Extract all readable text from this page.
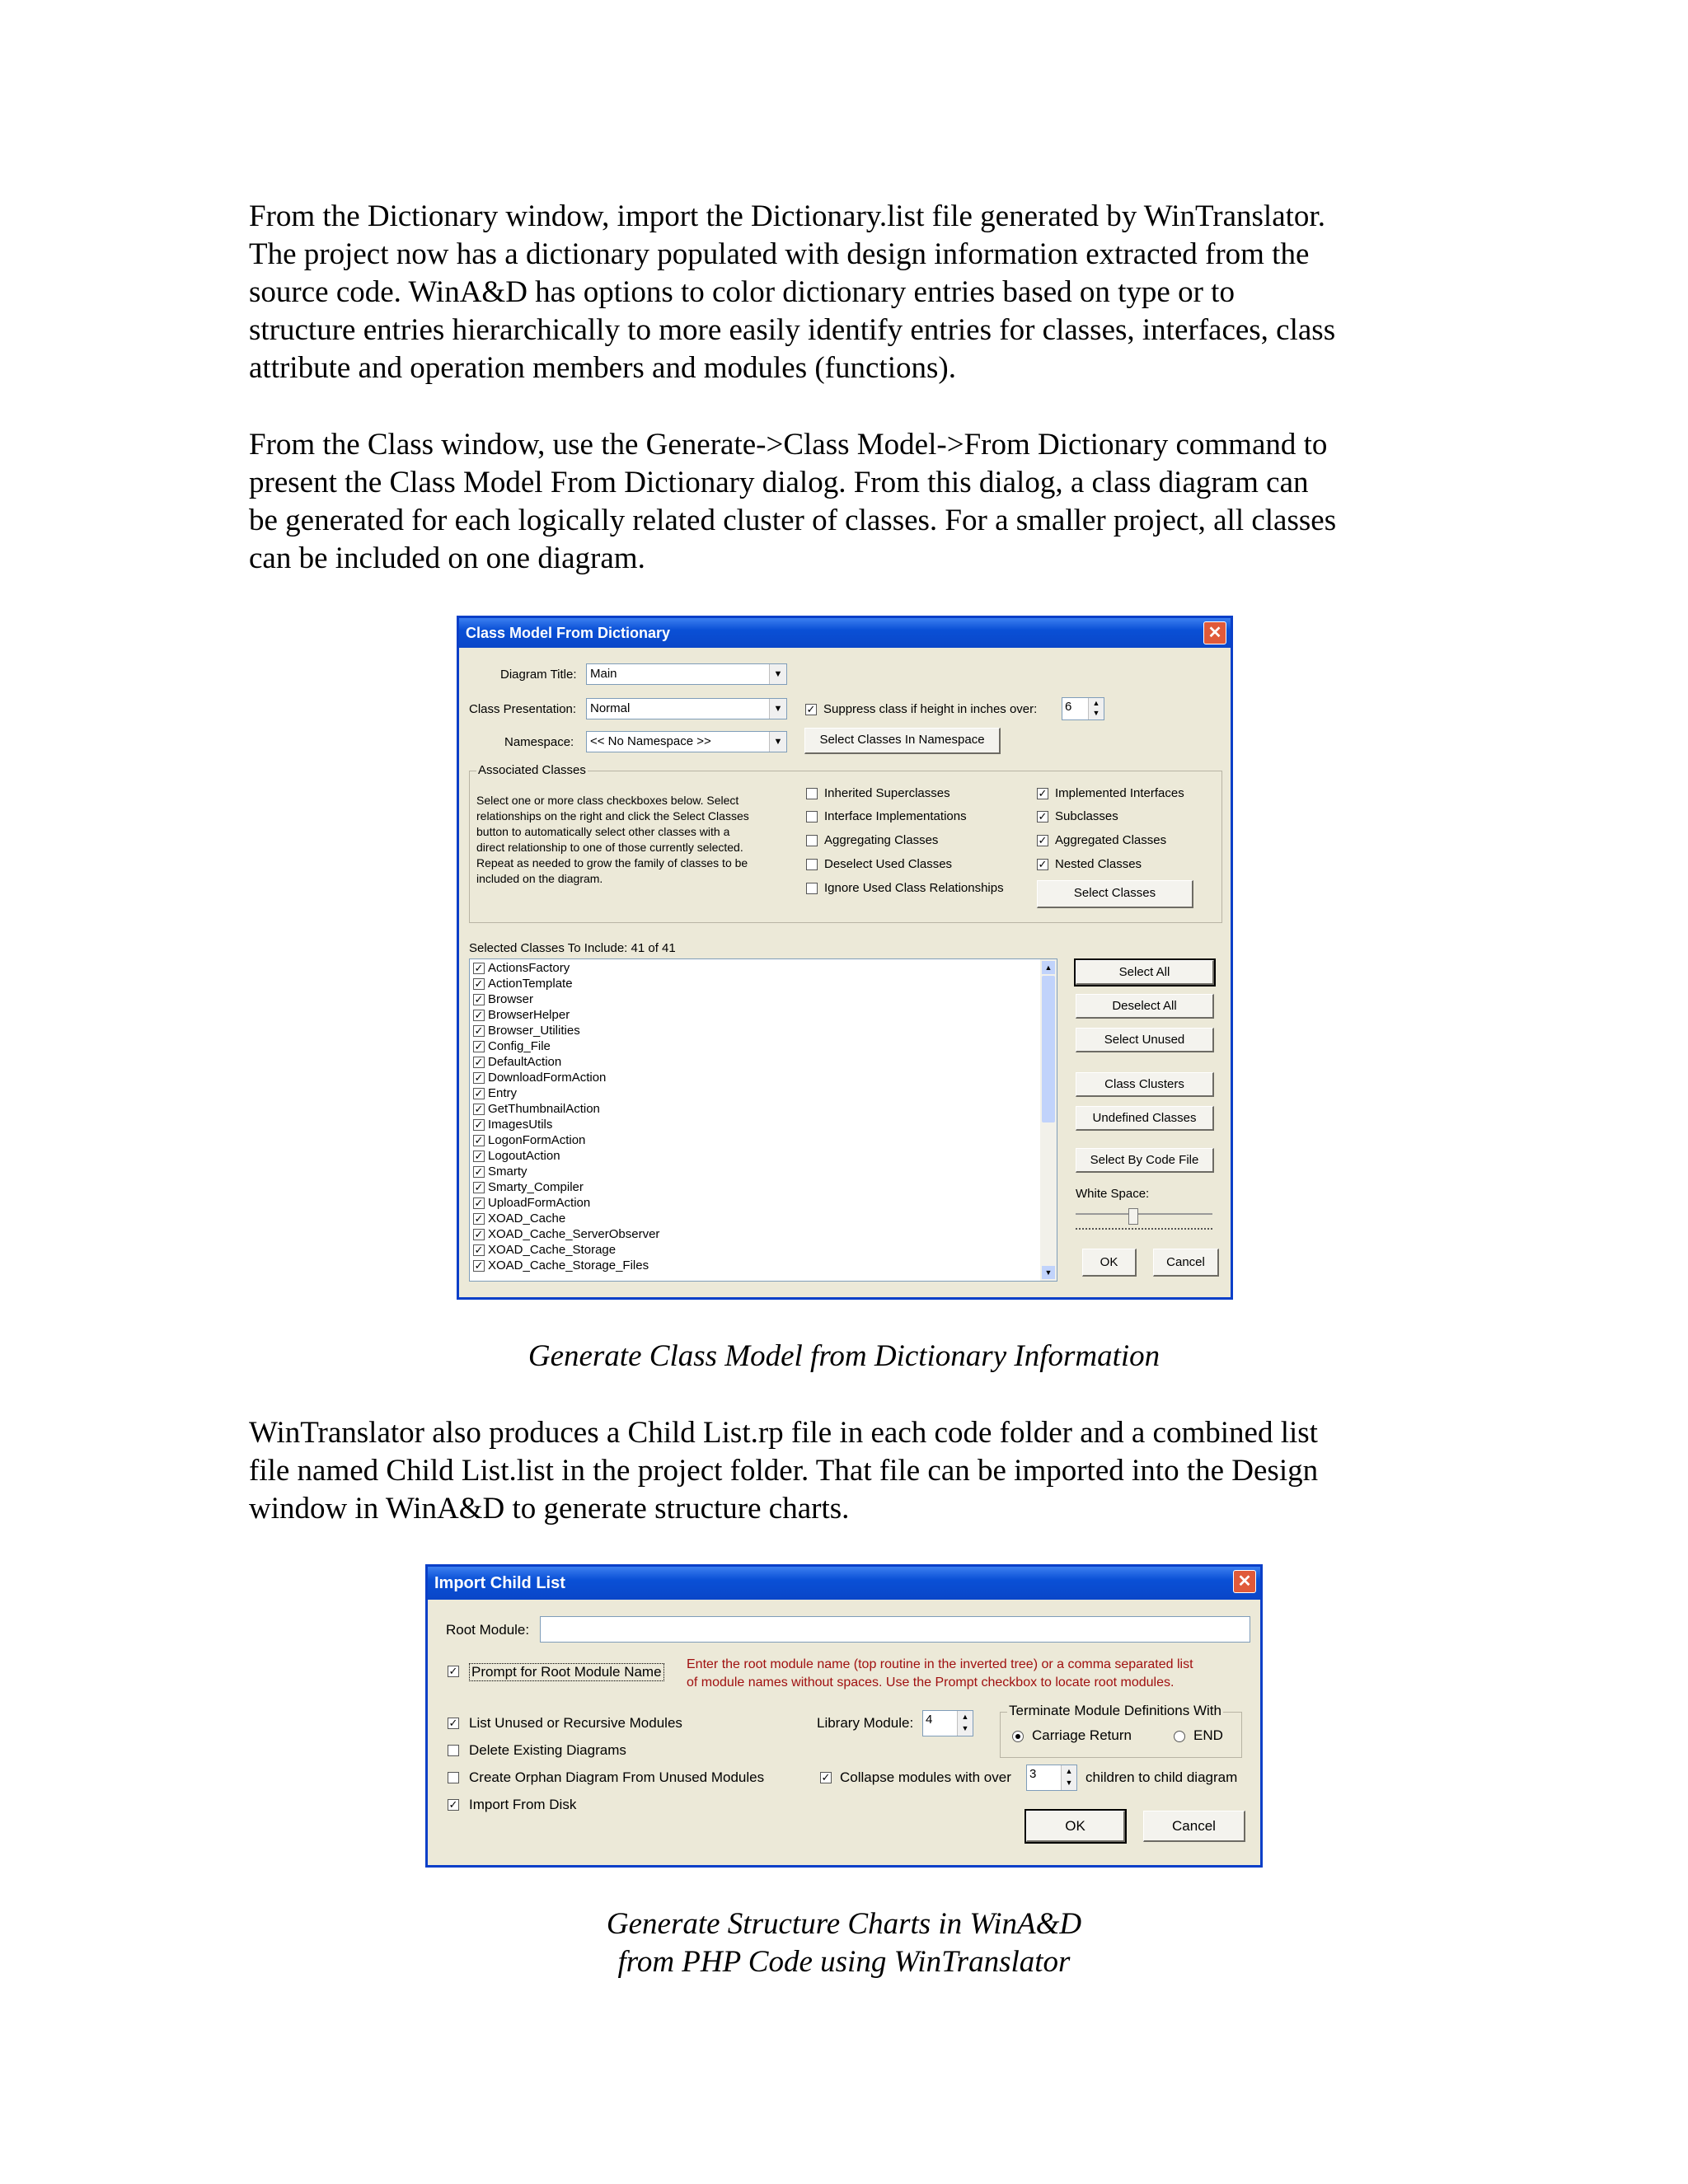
From the Dictionary window, import the Dictionary.list file generated by WinTranslator.
The project now has a dictionary populated with design information extracted from the
source code. WinA&D has options to color dictionary entries based on type or to
structure entries hierarchically to more easily identify entries for classes, interfaces, class
attribute and operation members and modules (functions).

From the Class window, use the Generate->Class Model->From Dictionary command to
present the Class Model From Dictionary dialog. From this dialog, a class diagram can
be generated for each logically related cluster of classes. For a smaller project, all classes
can be included on one diagram.

Class Model From Dictionary	✕
Diagram Title:	Main	▼
Class Presentation:	Normal	▼
Namespace:	<< No Namespace >>	▼
✓ Suppress class if height in inches over: 6	▲
▼
Select Classes In Namespace
Associated Classes
Select one or more class checkboxes below. Select
relationships on the right and click the Select Classes
button to automatically select other classes with a
direct relationship to one of those currently selected.
Repeat as needed to grow the family of classes to be
included on the diagram.
Inherited Superclasses
Interface Implementations
Aggregating Classes
Deselect Used Classes
Ignore Used Class Relationships
✓ Implemented Interfaces
✓ Subclasses
✓ Aggregated Classes
✓ Nested Classes
Select Classes
Selected Classes To Include: 41 of 41
✓ ActionsFactory
✓ ActionTemplate
✓ Browser
✓ BrowserHelper
✓ Browser_Utilities
✓ Config_File
✓ DefaultAction
✓ DownloadFormAction
✓ Entry
✓ GetThumbnailAction
✓ ImagesUtils
✓ LogonFormAction
✓ LogoutAction
✓ Smarty
✓ Smarty_Compiler
✓ UploadFormAction
✓ XOAD_Cache
✓ XOAD_Cache_ServerObserver
✓ XOAD_Cache_Storage
✓ XOAD_Cache_Storage_Files
▲
▼
Select All
Deselect All
Select Unused
Class Clusters
Undefined Classes
Select By Code File
White Space:
OK	Cancel
Generate Class Model from Dictionary Information

WinTranslator also produces a Child List.rp file in each code folder and a combined list
file named Child List.list in the project folder. That file can be imported into the Design
window in WinA&D to generate structure charts.

Import Child List	✕
Root Module:
✓ Prompt for Root Module Name Enter the root module name (top routine in the inverted tree) or a comma separated list
of module names without spaces. Use the Prompt checkbox to locate root modules.
✓ List Unused or Recursive Modules
Delete Existing Diagrams
Create Orphan Diagram From Unused Modules
✓ Import From Disk
Library Module: 4	▲
▼
Terminate Module Definitions With
Carriage Return	END
✓ Collapse modules with over 3	▲
▼ children to child diagram
OK	Cancel
Generate Structure Charts in WinA&D
from PHP Code using WinTranslator
